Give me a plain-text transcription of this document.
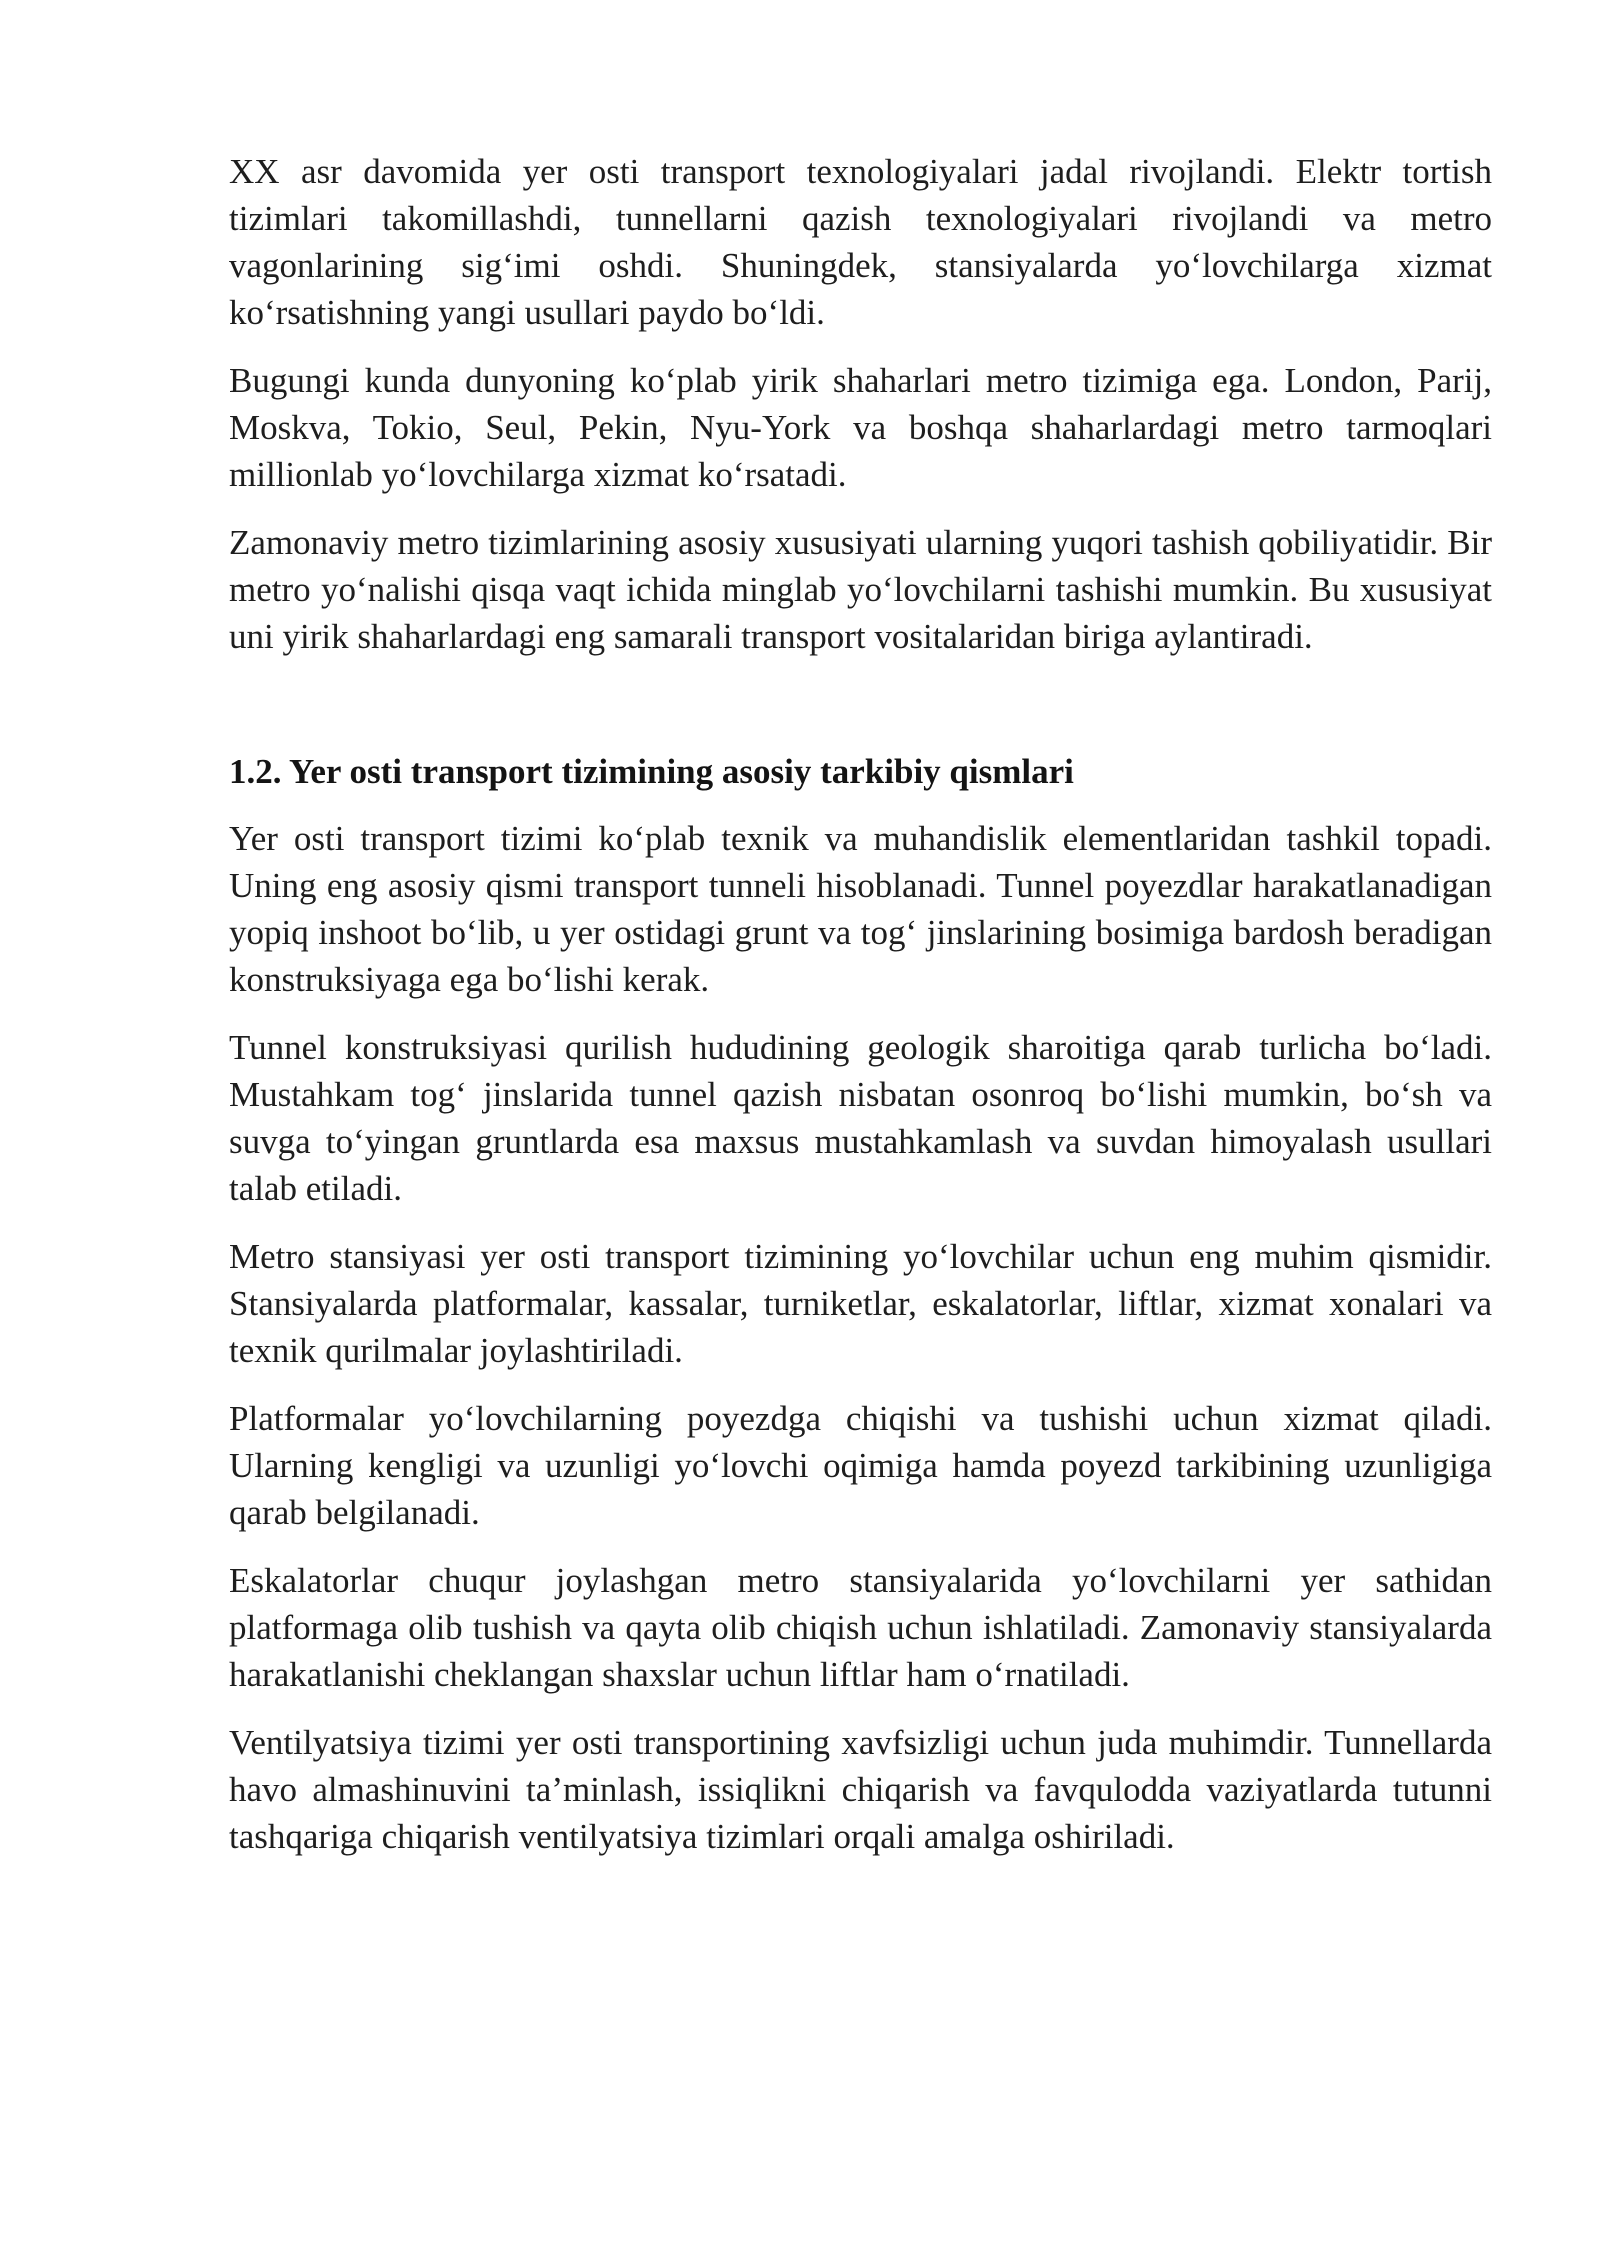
XX asr davomida yer osti transport texnologiyalari jadal rivojlandi. Elektr tortish tizimlari takomillashdi, tunnellarni qazish texnologiyalari rivojlandi va metro vagonlarining sig‘imi oshdi. Shuningdek, stansiyalarda yo‘lovchilarga xizmat ko‘rsatishning yangi usullari paydo bo‘ldi.

Bugungi kunda dunyoning ko‘plab yirik shaharlari metro tizimiga ega. London, Parij, Moskva, Tokio, Seul, Pekin, Nyu-York va boshqa shaharlardagi metro tarmoqlari millionlab yo‘lovchilarga xizmat ko‘rsatadi.

Zamonaviy metro tizimlarining asosiy xususiyati ularning yuqori tashish qobiliyatidir. Bir metro yo‘nalishi qisqa vaqt ichida minglab yo‘lovchilarni tashishi mumkin. Bu xususiyat uni yirik shaharlardagi eng samarali transport vositalaridan biriga aylantiradi.

1.2. Yer osti transport tizimining asosiy tarkibiy qismlari

Yer osti transport tizimi ko‘plab texnik va muhandislik elementlaridan tashkil topadi. Uning eng asosiy qismi transport tunneli hisoblanadi. Tunnel poyezdlar harakatlanadigan yopiq inshoot bo‘lib, u yer ostidagi grunt va tog‘ jinslarining bosimiga bardosh beradigan konstruksiyaga ega bo‘lishi kerak.

Tunnel konstruksiyasi qurilish hududining geologik sharoitiga qarab turlicha bo‘ladi. Mustahkam tog‘ jinslarida tunnel qazish nisbatan osonroq bo‘lishi mumkin, bo‘sh va suvga to‘yingan gruntlarda esa maxsus mustahkamlash va suvdan himoyalash usullari talab etiladi.

Metro stansiyasi yer osti transport tizimining yo‘lovchilar uchun eng muhim qismidir. Stansiyalarda platformalar, kassalar, turniketlar, eskalatorlar, liftlar, xizmat xonalari va texnik qurilmalar joylashtiriladi.

Platformalar yo‘lovchilarning poyezdga chiqishi va tushishi uchun xizmat qiladi. Ularning kengligi va uzunligi yo‘lovchi oqimiga hamda poyezd tarkibining uzunligiga qarab belgilanadi.

Eskalatorlar chuqur joylashgan metro stansiyalarida yo‘lovchilarni yer sathidan platformaga olib tushish va qayta olib chiqish uchun ishlatiladi. Zamonaviy stansiyalarda harakatlanishi cheklangan shaxslar uchun liftlar ham o‘rnatiladi.

Ventilyatsiya tizimi yer osti transportining xavfsizligi uchun juda muhimdir. Tunnellarda havo almashinuvini ta’minlash, issiqlikni chiqarish va favqulodda vaziyatlarda tutunni tashqariga chiqarish ventilyatsiya tizimlari orqali amalga oshiriladi.
